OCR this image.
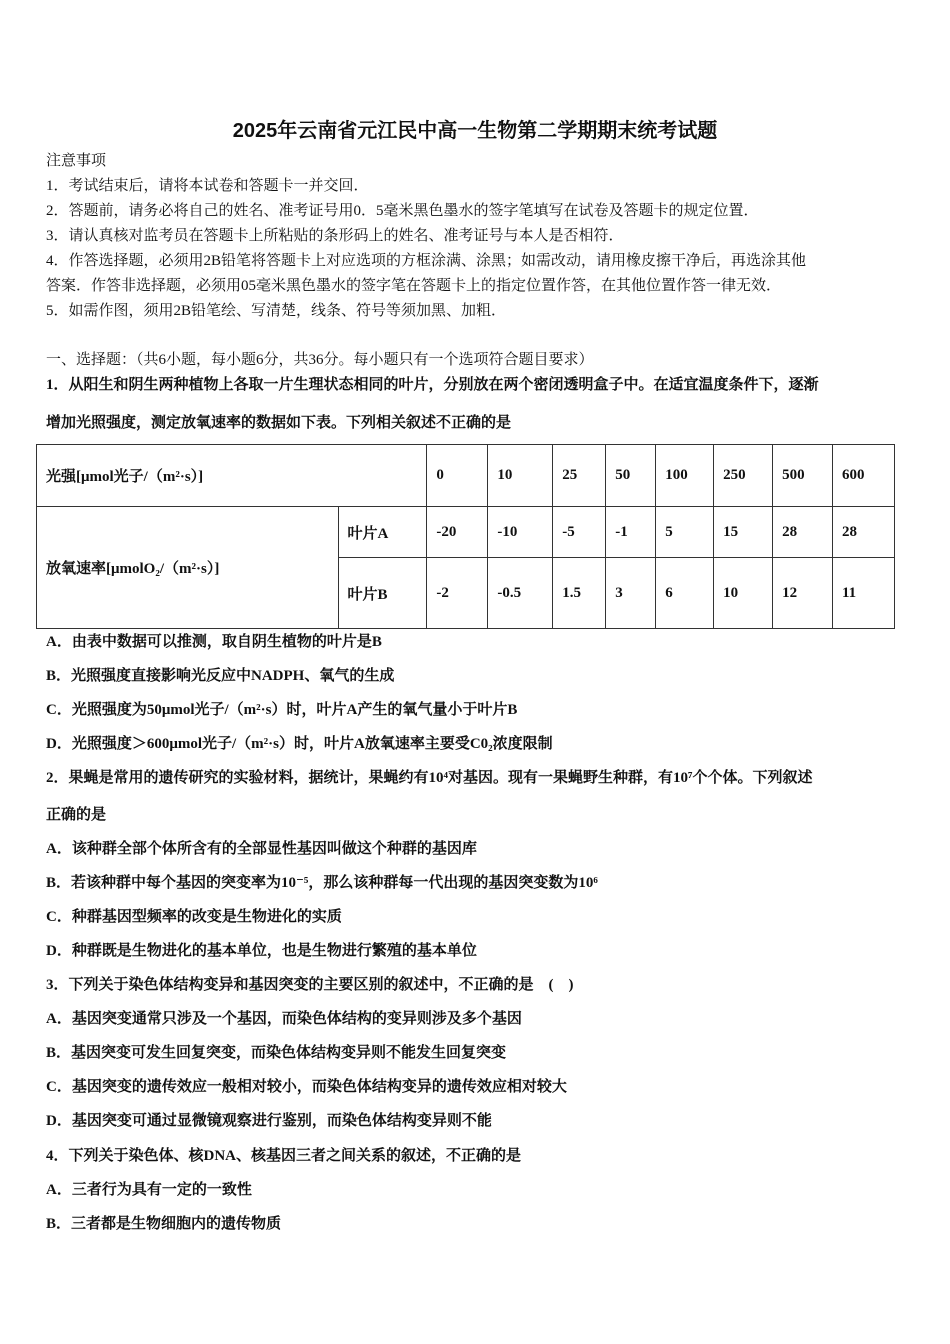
2025年云南省元江民中高一生物第二学期期末统考试题
注意事项
1．考试结束后，请将本试卷和答题卡一并交回．
2．答题前，请务必将自己的姓名、准考证号用0．5毫米黑色墨水的签字笔填写在试卷及答题卡的规定位置．
3．请认真核对监考员在答题卡上所粘贴的条形码上的姓名、准考证号与本人是否相符．
4．作答选择题，必须用2B铅笔将答题卡上对应选项的方框涂满、涂黑；如需改动，请用橡皮擦干净后，再选涂其他
答案．作答非选择题，必须用05毫米黑色墨水的签字笔在答题卡上的指定位置作答，在其他位置作答一律无效．
5．如需作图，须用2B铅笔绘、写清楚，线条、符号等须加黑、加粗．
一、选择题：（共6小题，每小题6分，共36分。每小题只有一个选项符合题目要求）
1．从阳生和阴生两种植物上各取一片生理状态相同的叶片，分别放在两个密闭透明盒子中。在适宜温度条件下，逐渐
增加光照强度，测定放氧速率的数据如下表。下列相关叙述不正确的是
光强[μmol光子/（m²·s）]		0	10	25	50	100	250	500	600
放氧速率[μmolO₂/（m²·s）]	叶片A	-20	-10	-5	-1	5	15	28	28
	叶片B	-2	-0.5	1.5	3	6	10	12	11
A．由表中数据可以推测，取自阴生植物的叶片是B
B．光照强度直接影响光反应中NADPH、氧气的生成
C．光照强度为50μmol光子/（m²·s）时，叶片A产生的氧气量小于叶片B
D．光照强度＞600μmol光子/（m²·s）时，叶片A放氧速率主要受C0₂浓度限制
2．果蝇是常用的遗传研究的实验材料，据统计，果蝇约有10⁴对基因。现有一果蝇野生种群，有10⁷个个体。下列叙述
正确的是
A．该种群全部个体所含有的全部显性基因叫做这个种群的基因库
B．若该种群中每个基因的突变率为10⁻⁵，那么该种群每一代出现的基因突变数为10⁶
C．种群基因型频率的改变是生物进化的实质
D．种群既是生物进化的基本单位，也是生物进行繁殖的基本单位
3．下列关于染色体结构变异和基因突变的主要区别的叙述中，不正确的是　(　)
A．基因突变通常只涉及一个基因，而染色体结构的变异则涉及多个基因
B．基因突变可发生回复突变，而染色体结构变异则不能发生回复突变
C．基因突变的遗传效应一般相对较小，而染色体结构变异的遗传效应相对较大
D．基因突变可通过显微镜观察进行鉴别，而染色体结构变异则不能
4．下列关于染色体、核DNA、核基因三者之间关系的叙述，不正确的是
A．三者行为具有一定的一致性
B．三者都是生物细胞内的遗传物质
